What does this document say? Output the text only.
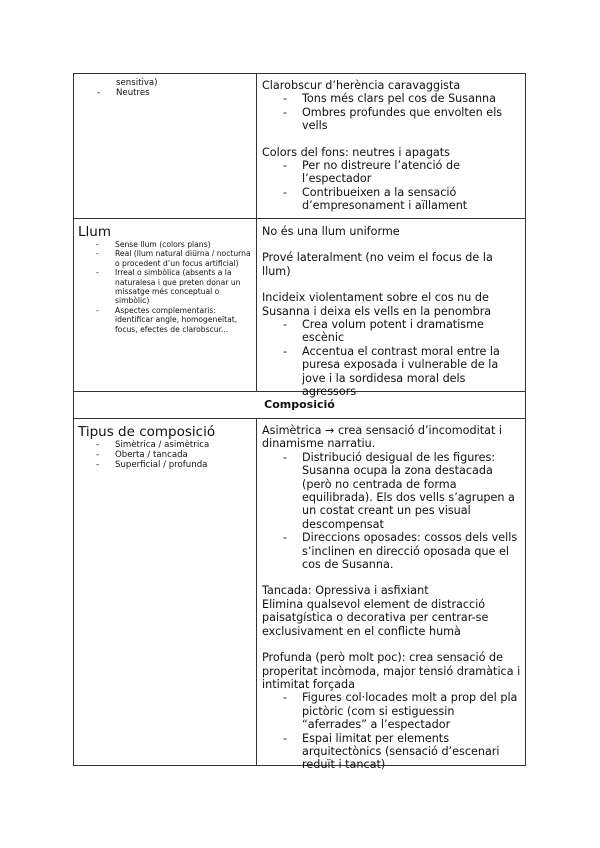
sensitiva)
- Neutres

Clarobscur d’herència caravaggista

- Tons més clars pel cos de Susanna
- Ombres profundes que envolten els vells

Colors del fons: neutres i apagats

- Per no distreure l’atenció de l’espectador
- Contribueixen a la sensació d’empresonament i aïllament

Llum

- Sense llum (colors plans)
- Real (llum natural diürna / nocturna o procedent d’un focus artificial)
- Irreal o simbòlica (absents a la naturalesa i que preten donar un missatge més conceptual o simbòlic)
- Aspectes complementaris: identificar angle, homogeneïtat, focus, efectes de clarobscur...

No és una llum uniforme

Prové lateralment (no veim el focus de la llum)

Incideix violentament sobre el cos nu de Susanna i deixa els vells en la penombra

- Crea volum potent i dramatisme escènic
- Accentua el contrast moral entre la puresa exposada i vulnerable de la jove i la sordidesa moral dels agressors
Composició

Tipus de composició

- Simètrica / asimètrica
- Oberta / tancada
- Superficial / profunda

Asimètrica → crea sensació d’incomoditat i dinamisme narratiu.

- Distribució desigual de les figures: Susanna ocupa la zona destacada (però no centrada de forma equilibrada). Els dos vells s’agrupen a un costat creant un pes visual descompensat
- Direccions oposades: cossos dels vells s’inclinen en direcció oposada que el cos de Susanna.

Tancada: Opressiva i asfixiant

Elimina qualsevol element de distracció paisatgística o decorativa per centrar-se exclusivament en el conflicte humà

Profunda (però molt poc): crea sensació de properitat incòmoda, major tensió dramàtica i intimitat forçada

- Figures col·locades molt a prop del pla pictòric (com si estiguessin “aferrades” a l’espectador
- Espai limitat per elements arquitectònics (sensació d’escenari reduït i tancat)
